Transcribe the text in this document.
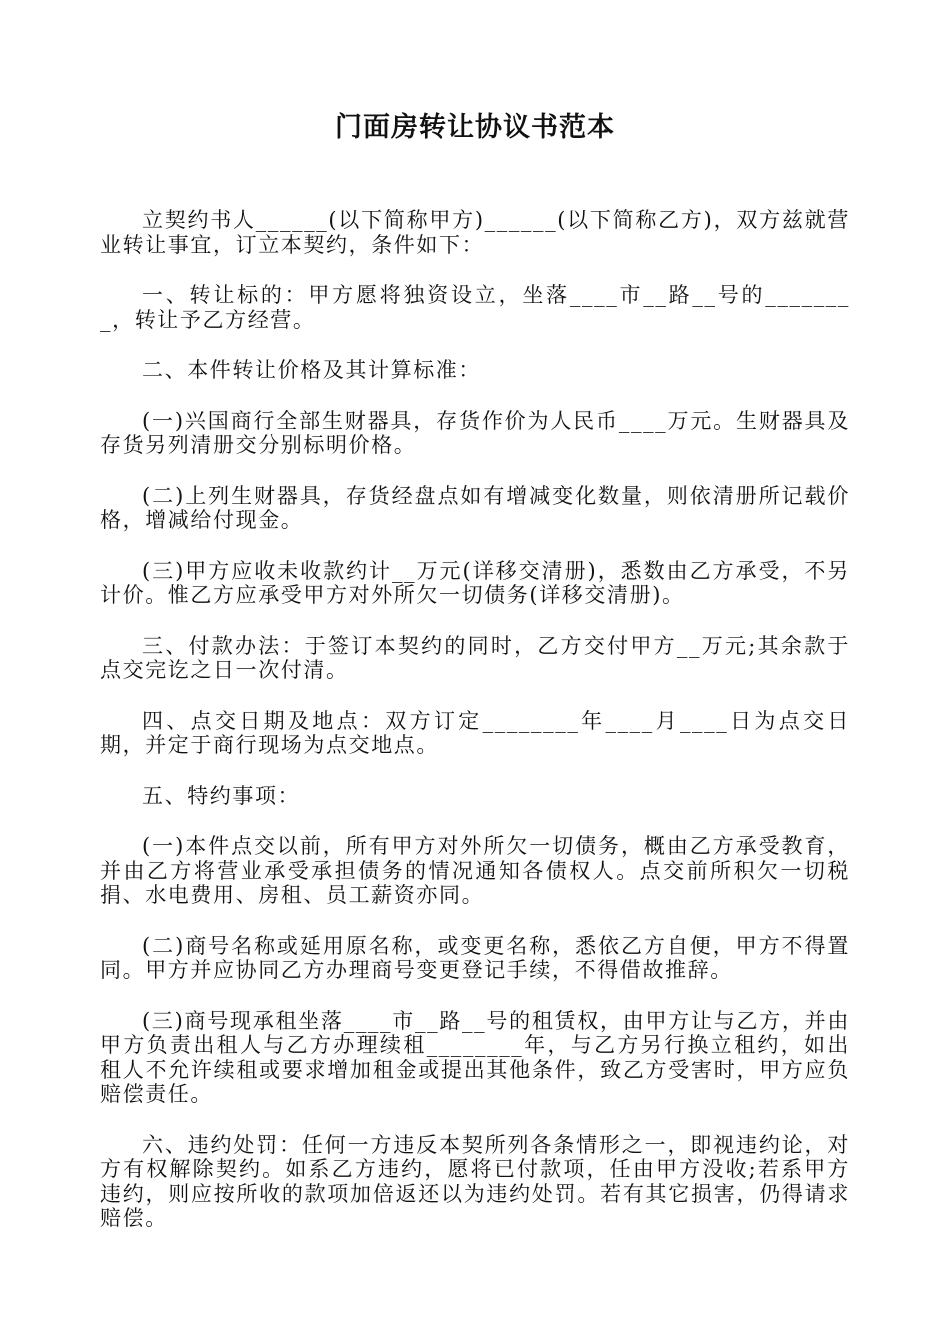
门面房转让协议书范本

立契约书人______(以下简称甲方)______(以下简称乙方)，双方兹就营业转让事宜，订立本契约，条件如下：

一、转让标的：甲方愿将独资设立，坐落____市__路__号的________，转让予乙方经营。

二、本件转让价格及其计算标准：

(一)兴国商行全部生财器具，存货作价为人民币____万元。生财器具及存货另列清册交分别标明价格。

(二)上列生财器具，存货经盘点如有增减变化数量，则依清册所记载价格，增减给付现金。

(三)甲方应收未收款约计__万元(详移交清册)，悉数由乙方承受，不另计价。惟乙方应承受甲方对外所欠一切债务(详移交清册)。

三、付款办法：于签订本契约的同时，乙方交付甲方__万元;其余款于点交完讫之日一次付清。

四、点交日期及地点：双方订定________年____月____日为点交日期，并定于商行现场为点交地点。

五、特约事项：

(一)本件点交以前，所有甲方对外所欠一切债务，概由乙方承受教育，并由乙方将营业承受承担债务的情况通知各债权人。点交前所积欠一切税捐、水电费用、房租、员工薪资亦同。

(二)商号名称或延用原名称，或变更名称，悉依乙方自便，甲方不得置同。甲方并应协同乙方办理商号变更登记手续，不得借故推辞。

(三)商号现承租坐落____市__路__号的租赁权，由甲方让与乙方，并由甲方负责出租人与乙方办理续租________年，与乙方另行换立租约，如出租人不允许续租或要求增加租金或提出其他条件，致乙方受害时，甲方应负赔偿责任。

六、违约处罚：任何一方违反本契所列各条情形之一，即视违约论，对方有权解除契约。如系乙方违约，愿将已付款项，任由甲方没收;若系甲方违约，则应按所收的款项加倍返还以为违约处罚。若有其它损害，仍得请求赔偿。
